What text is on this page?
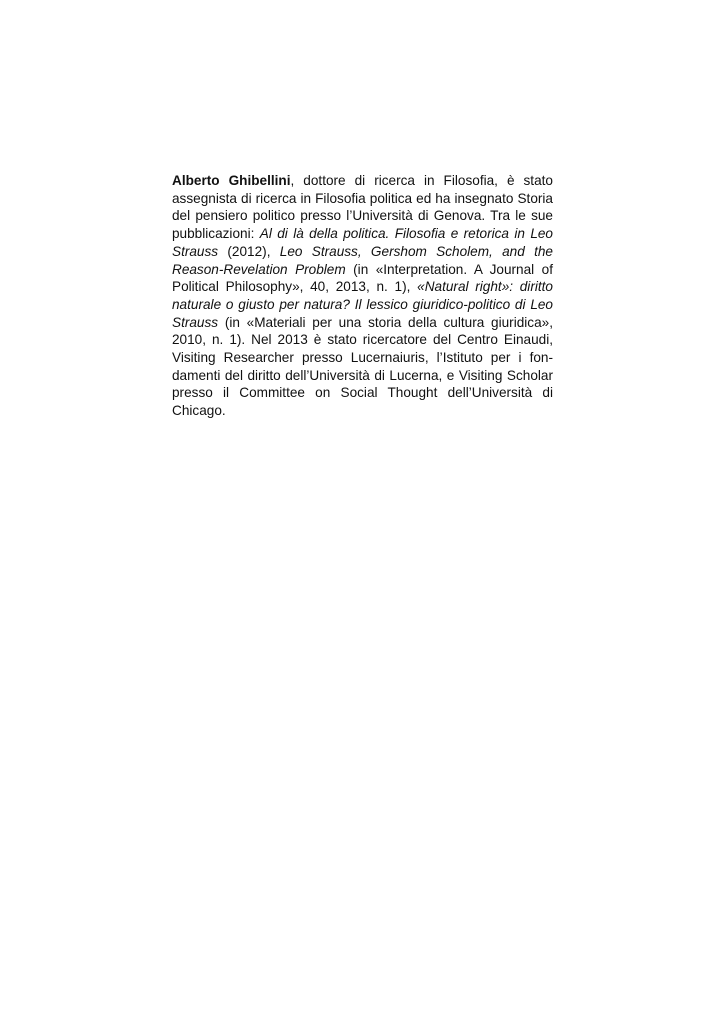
Alberto Ghibellini, dottore di ricerca in Filosofia, è stato assegnista di ricerca in Filosofia politica ed ha insegnato Storia del pensiero politico presso l’Università di Genova. Tra le sue pubblicazioni: Al di là della politica. Filosofia e retorica in Leo Strauss (2012), Leo Strauss, Gershom Scholem, and the Reason-Revelation Problem (in «Interpretation. A Journal of Political Philosophy», 40, 2013, n. 1), «Natural right»: diritto naturale o giusto per natura? Il lessico giuridico-politico di Leo Strauss (in «Materiali per una storia della cultura giuridica», 2010, n. 1). Nel 2013 è stato ricercatore del Centro Einaudi, Visiting Researcher presso Lucernaiuris, l’Istituto per i fondamenti del diritto dell’Università di Lucerna, e Visiting Scholar presso il Committee on Social Thought dell’Università di Chicago.
